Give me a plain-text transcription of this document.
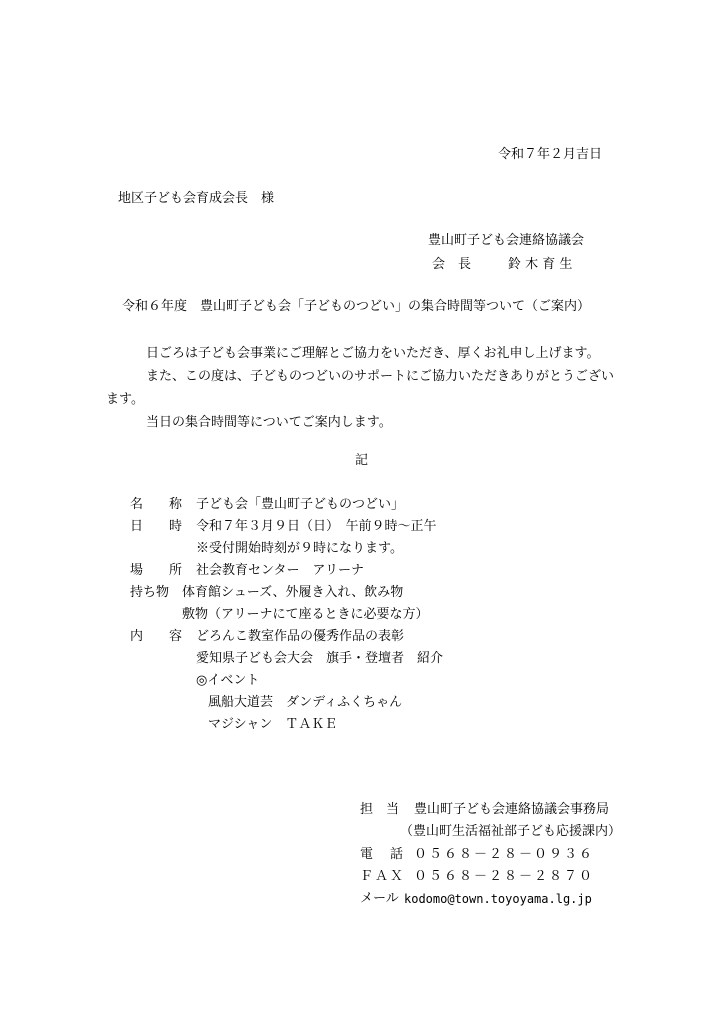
令和７年２月吉日
地区子ども会育成会長　様
豊山町子ども会連絡協議会
会　長	鈴 木 育 生
令和６年度　豊山町子ども会「子どものつどい」の集合時間等ついて（ご案内）
日ごろは子ども会事業にご理解とご協力をいただき、厚くお礼申し上げます。
また、この度は、子どものつどいのサポートにご協力いただきありがとうござい
ます。
当日の集合時間等についてご案内します。
記
名　　称 子ども会「豊山町子どものつどい」
日　　時 令和７年３月９日（日）　午前９時～正午
※受付開始時刻が９時になります。
場　　所 社会教育センター　アリーナ
持ち物 体育館シューズ、外履き入れ、飲み物
敷物（アリーナにて座るときに必要な方）
内　　容 どろんこ教室作品の優秀作品の表彰
愛知県子ども会大会　旗手・登壇者　紹介
◎イベント
風船大道芸　ダンディふくちゃん
マジシャン　ＴＡＫＥ
担　当 豊山町子ども会連絡協議会事務局
（豊山町生活福祉部子ども応援課内）
電　話 ０５６８－２８－０９３６
ＦＡＸ ０５６８－２８－２８７０
メール kodomo@town.toyoyama.lg.jp
